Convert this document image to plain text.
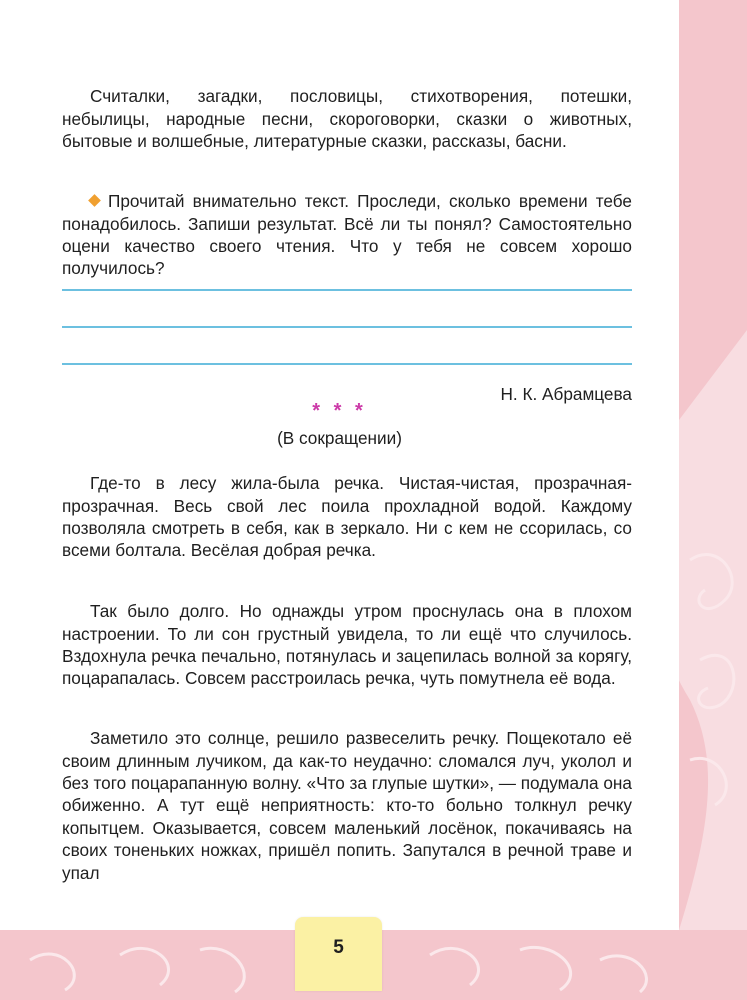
Считалки, загадки, пословицы, стихотворения, потешки, небылицы, народные песни, скороговорки, сказки о животных, бытовые и волшебные, литературные сказки, рассказы, басни.

Прочитай внимательно текст. Проследи, сколько времени тебе понадобилось. Запиши результат. Всё ли ты понял? Самостоятельно оцени качество своего чтения. Что у тебя не совсем хорошо получилось?

Н. К. Абрамцева
* * *
(В сокращении)

Где-то в лесу жила-была речка. Чистая-чистая, прозрачная-прозрачная. Весь свой лес поила прохладной водой. Каждому позволяла смотреть в себя, как в зеркало. Ни с кем не ссорилась, со всеми болтала. Весёлая добрая речка.

Так было долго. Но однажды утром проснулась она в плохом настроении. То ли сон грустный увидела, то ли ещё что случилось. Вздохнула речка печально, потянулась и зацепилась волной за корягу, поцарапалась. Совсем расстроилась речка, чуть помутнела её вода.

Заметило это солнце, решило развеселить речку. Пощекотало её своим длинным лучиком, да как-то неудачно: сломался луч, уколол и без того поцарапанную волну. «Что за глупые шутки», — подумала она обиженно. А тут ещё неприятность: кто-то больно толкнул речку копытцем. Оказывается, совсем маленький лосёнок, покачиваясь на своих тоненьких ножках, пришёл попить. Запутался в речной траве и упал

5
